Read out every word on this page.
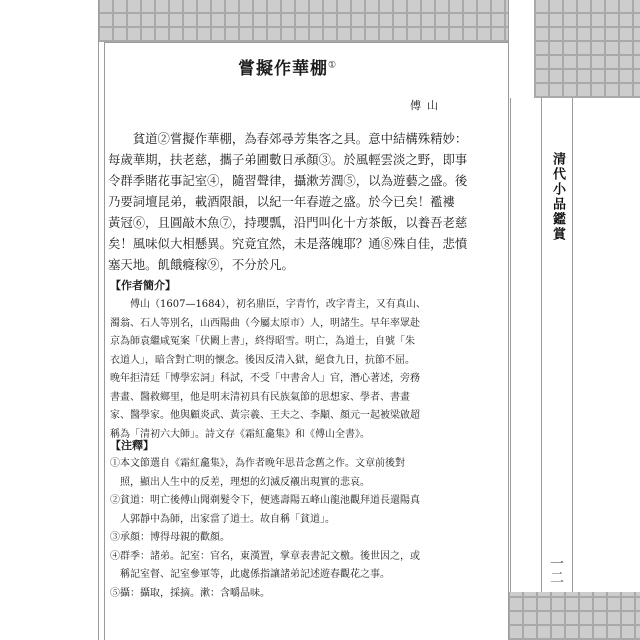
清代小品鑑賞
一二
嘗擬作華棚①
傅山

　　貧道②嘗擬作華棚，為春郊尋芳集客之具。意中結構殊精妙：

每歲華期，扶老慈，攜子弟圃數日承顏③。於風輕雲淡之野，即事

令群季賭花事記室④，隨習聲律，攝漱芳潤⑤，以為遊藝之盛。後

乃要詞壇昆弟，載酒限韻，以紀一年春遊之盛。於今已矣！襤褸

黃冠⑥，且圓敲木魚⑦，持瓔瓢，沿門叫化十方茶飯，以養吾老慈

矣！風味似大相懸異。究竟宜然，未是落魄耶？通⑧殊自佳，悲憤

塞天地。飢餓癃稼⑨，不分於凡。

【作者簡介】

　　傅山（1607—1684），初名鼎臣，字青竹，改字青主，又有真山、

濁翁、石人等別名，山西陽曲（今屬太原市）人，明諸生。早年率眾赴

京為師袁繼咸冤案「伏闕上書」，終得昭雪。明亡，為道士，自號「朱

衣道人」，暗含對亡明的懷念。後因反清入獄，絕食九日，抗節不屈。

晚年拒清廷「博學宏詞」科試，不受「中書舍人」官，潛心著述，旁務

書畫、醫救鄉里，他是明末清初具有民族氣節的思想家、學者、書畫

家、醫學家。他與顧炎武、黃宗羲、王夫之、李顒、顏元一起被梁啟超

稱為「清初六大師」。詩文存《霜紅龕集》和《傅山全書》。

【注釋】

①本文節選自《霜紅龕集》，為作者晚年思昔念舊之作。文章前後對

　照，顯出人生中的反差，理想的幻滅反襯出現實的悲哀。

②貧道：明亡後傅山聞剃髮令下，便逃壽陽五峰山龍池觀拜道長還陽真

　人郭靜中為師，出家當了道士。故自稱「貧道」。

③承顏：博得母親的歡顏。

④群季：諸弟。記室：官名，東漢置，掌章表書記文檄。後世因之，或

　稱記室督、記室參軍等，此處係指讓諸弟記述遊春觀花之事。

⑤攝：攝取，採摘。漱：含嚼品味。
